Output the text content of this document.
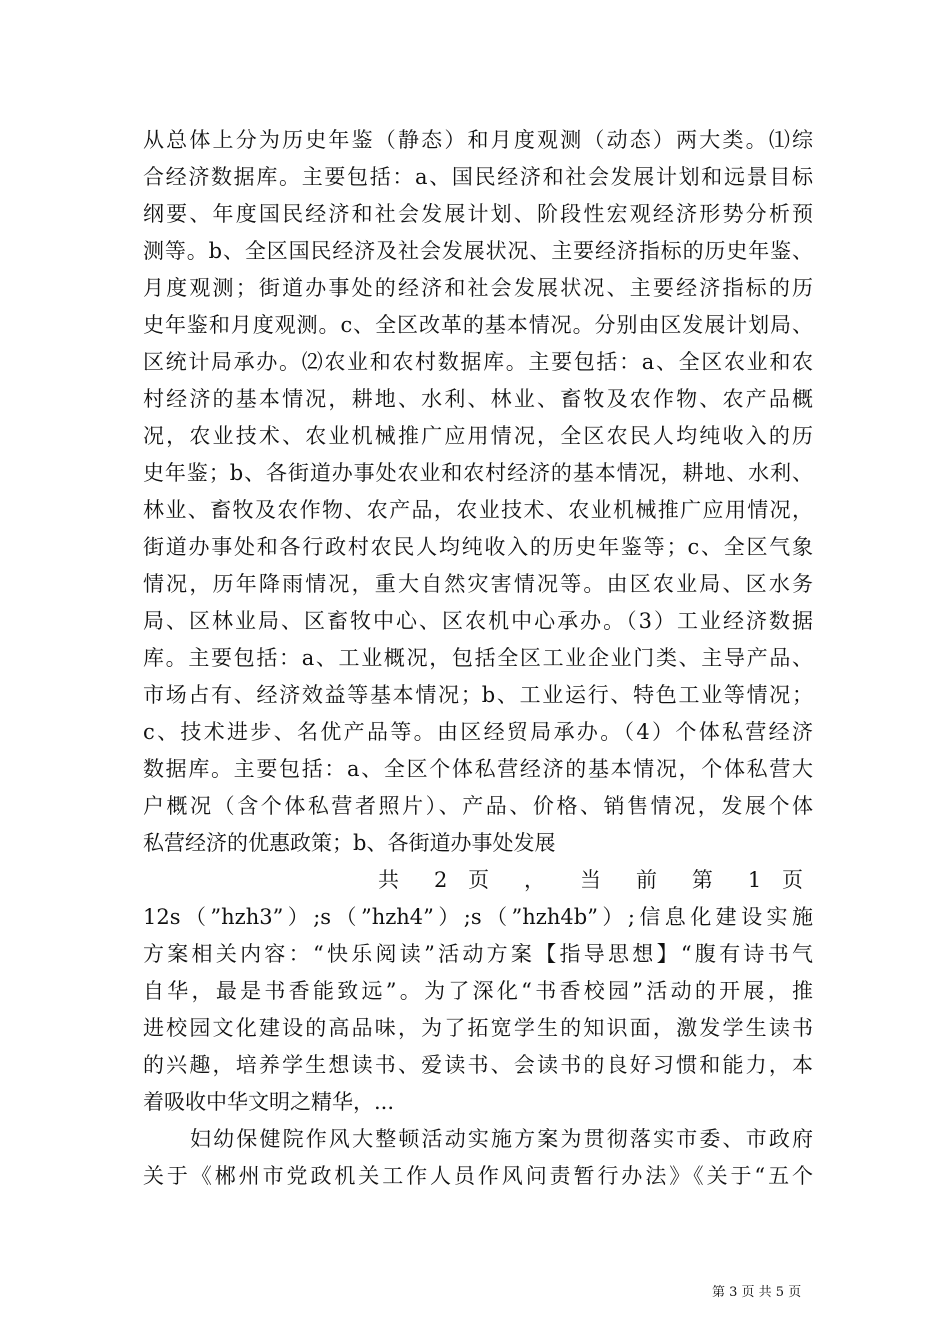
从总体上分为历史年鉴（静态）和月度观测（动态）两大类。⑴综
合经济数据库。主要包括：a、国民经济和社会发展计划和远景目标
纲要、年度国民经济和社会发展计划、阶段性宏观经济形势分析预
测等。b、全区国民经济及社会发展状况、主要经济指标的历史年鉴、
月度观测；街道办事处的经济和社会发展状况、主要经济指标的历
史年鉴和月度观测。c、全区改革的基本情况。分别由区发展计划局、
区统计局承办。⑵农业和农村数据库。主要包括：a、全区农业和农
村经济的基本情况，耕地、水利、林业、畜牧及农作物、农产品概
况，农业技术、农业机械推广应用情况，全区农民人均纯收入的历
史年鉴；b、各街道办事处农业和农村经济的基本情况，耕地、水利、
林业、畜牧及农作物、农产品，农业技术、农业机械推广应用情况，
街道办事处和各行政村农民人均纯收入的历史年鉴等；c、全区气象
情况，历年降雨情况，重大自然灾害情况等。由区农业局、区水务
局、区林业局、区畜牧中心、区农机中心承办。（3）工业经济数据
库。主要包括：a、工业概况，包括全区工业企业门类、主导产品、
市场占有、经济效益等基本情况；b、工业运行、特色工业等情况；
c、技术进步、名优产品等。由区经贸局承办。（4）个体私营经济
数据库。主要包括：a、全区个体私营经济的基本情况，个体私营大
户概况（含个体私营者照片）、产品、价格、销售情况，发展个体
私营经济的优惠政策；b、各街道办事处发展
共 2 页 ， 当 前 第 1 页
12s（”hzh3”）;s（”hzh4”）;s（”hzh4b”）;信息化建设实施
方案相关内容：“快乐阅读”活动方案【指导思想】“腹有诗书气
自华，最是书香能致远”。为了深化“书香校园”活动的开展，推
进校园文化建设的高品味，为了拓宽学生的知识面，激发学生读书
的兴趣，培养学生想读书、爱读书、会读书的良好习惯和能力，本
着吸收中华文明之精华，...
妇幼保健院作风大整顿活动实施方案为贯彻落实市委、市政府
关于《郴州市党政机关工作人员作风问责暂行办法》《关于“五个
第 3 页 共 5 页
